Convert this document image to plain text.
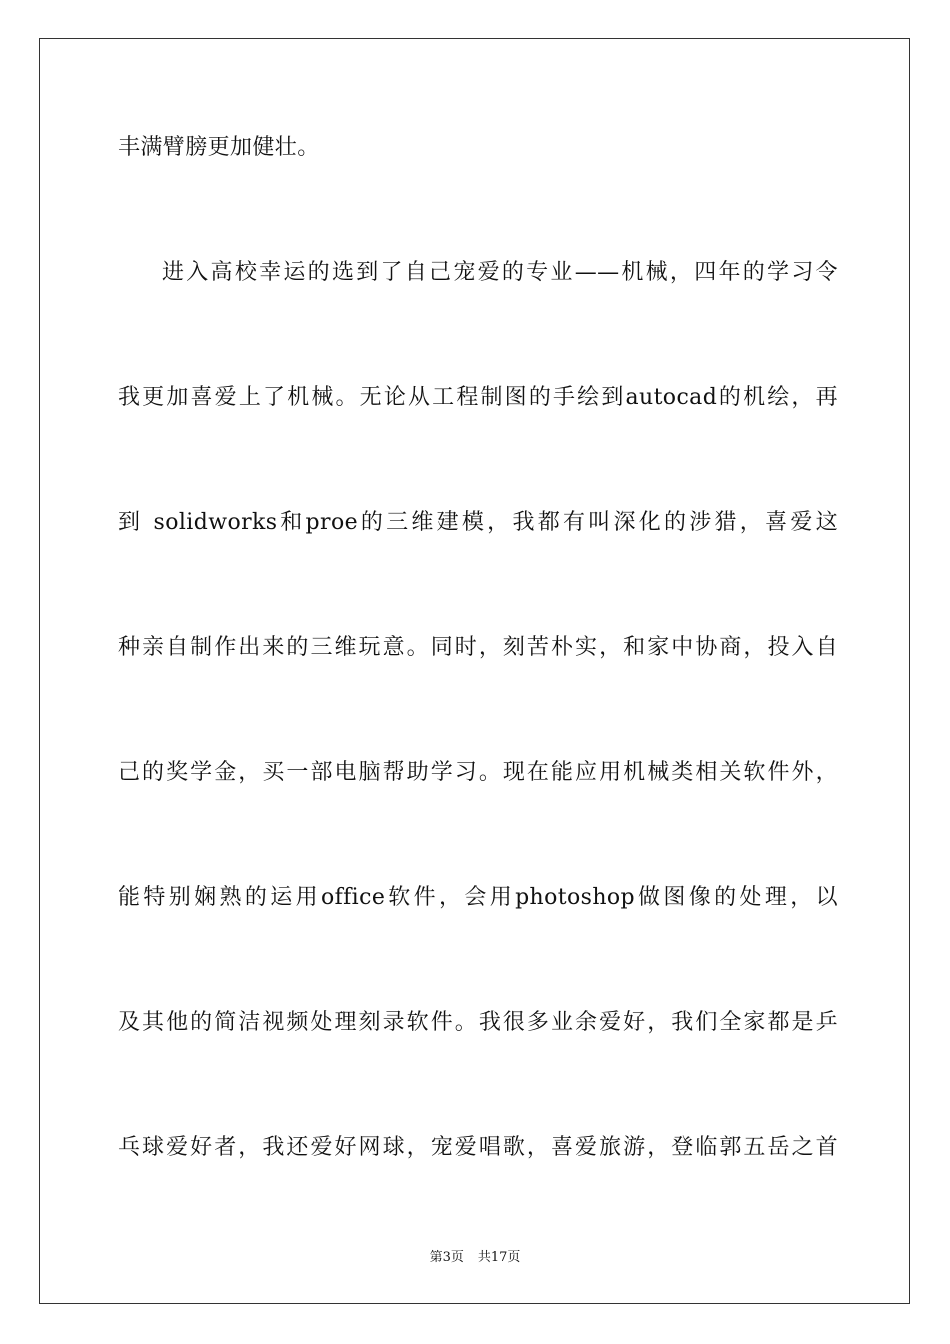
丰满臂膀更加健壮。
进入高校幸运的选到了自己宠爱的专业——机械，四年的学习令
我更加喜爱上了机械。无论从工程制图的手绘到autocad的机绘，再
到 solidworks和proe的三维建模，我都有叫深化的涉猎，喜爱这
种亲自制作出来的三维玩意。同时，刻苦朴实，和家中协商，投入自
己的奖学金，买一部电脑帮助学习。现在能应用机械类相关软件外，
能特别娴熟的运用office软件，会用photoshop做图像的处理，以
及其他的简洁视频处理刻录软件。我很多业余爱好，我们全家都是乒
乓球爱好者，我还爱好网球，宠爱唱歌，喜爱旅游，登临郭五岳之首
第3页 共17页
